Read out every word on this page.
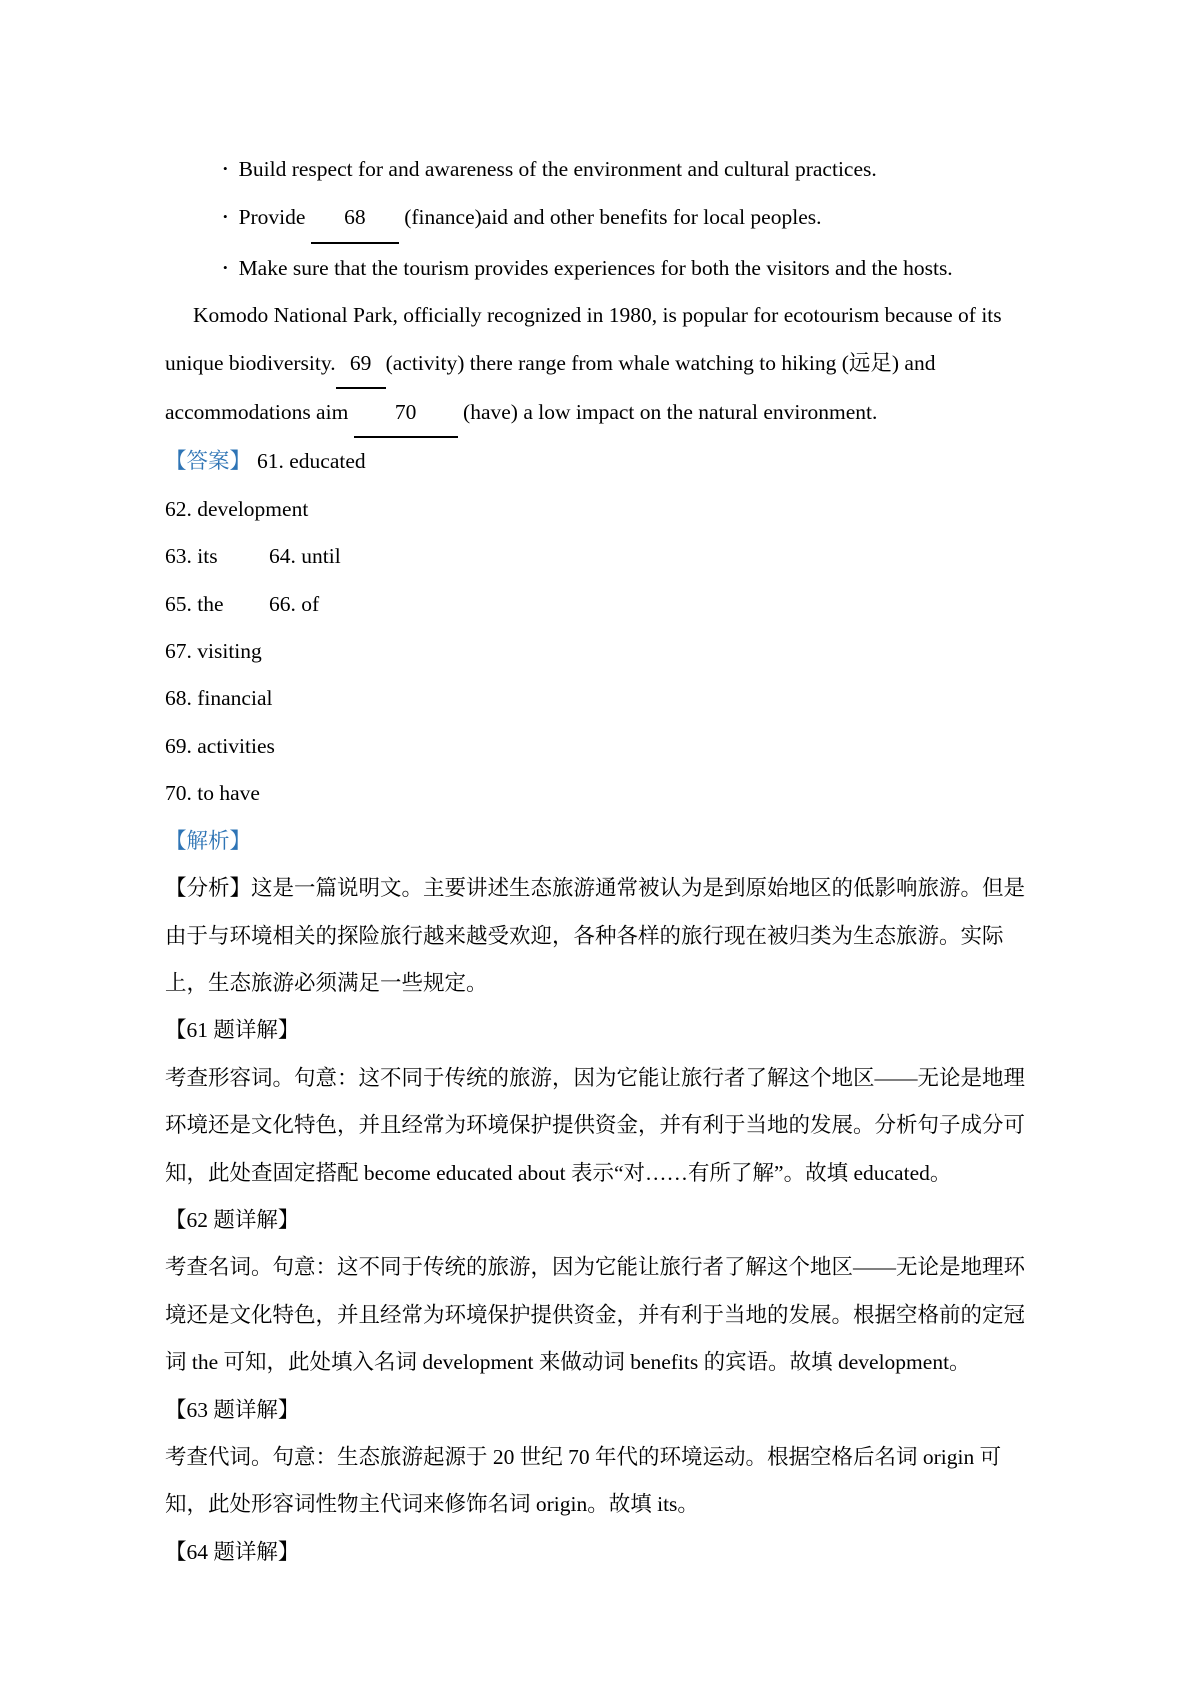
• Build respect for and awareness of the environment and cultural practices.
• Provide 68 (finance)aid and other benefits for local peoples.
• Make sure that the tourism provides experiences for both the visitors and the hosts.
Komodo National Park, officially recognized in 1980, is popular for ecotourism because of its
unique biodiversity. 69 (activity) there range from whale watching to hiking (远足) and
accommodations aim 70 (have) a low impact on the natural environment.
【答案】 61. educated
62. development
63. its 64. until
65. the 66. of
67. visiting
68. financial
69. activities
70. to have
【解析】
【分析】这是一篇说明文。主要讲述生态旅游通常被认为是到原始地区的低影响旅游。但是
由于与环境相关的探险旅行越来越受欢迎，各种各样的旅行现在被归类为生态旅游。实际
上，生态旅游必须满足一些规定。
【61 题详解】
考查形容词。句意：这不同于传统的旅游，因为它能让旅行者了解这个地区——无论是地理
环境还是文化特色，并且经常为环境保护提供资金，并有利于当地的发展。分析句子成分可
知，此处查固定搭配 become educated about 表示“对……有所了解”。故填 educated。
【62 题详解】
考查名词。句意：这不同于传统的旅游，因为它能让旅行者了解这个地区——无论是地理环
境还是文化特色，并且经常为环境保护提供资金，并有利于当地的发展。根据空格前的定冠
词 the 可知，此处填入名词 development 来做动词 benefits 的宾语。故填 development。
【63 题详解】
考查代词。句意：生态旅游起源于 20 世纪 70 年代的环境运动。根据空格后名词 origin 可
知，此处形容词性物主代词来修饰名词 origin。故填 its。
【64 题详解】
